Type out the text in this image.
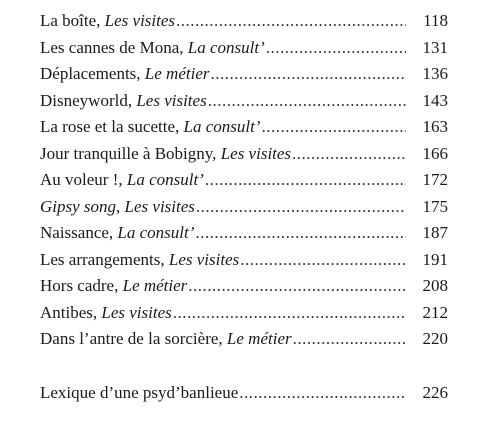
La boîte, Les visites .....	118
Les cannes de Mona, La consult’ .....	131
Déplacements, Le métier .....	136
Disneyworld, Les visites .....	143
La rose et la sucette, La consult’ .....	163
Jour tranquille à Bobigny, Les visites .....	166
Au voleur !, La consult’ .....	172
Gipsy song, Les visites .....	175
Naissance, La consult’ .....	187
Les arrangements, Les visites .....	191
Hors cadre, Le métier .....	208
Antibes, Les visites .....	212
Dans l’antre de la sorcière, Le métier .....	220
Lexique d’une psyd’banlieue .....	226
